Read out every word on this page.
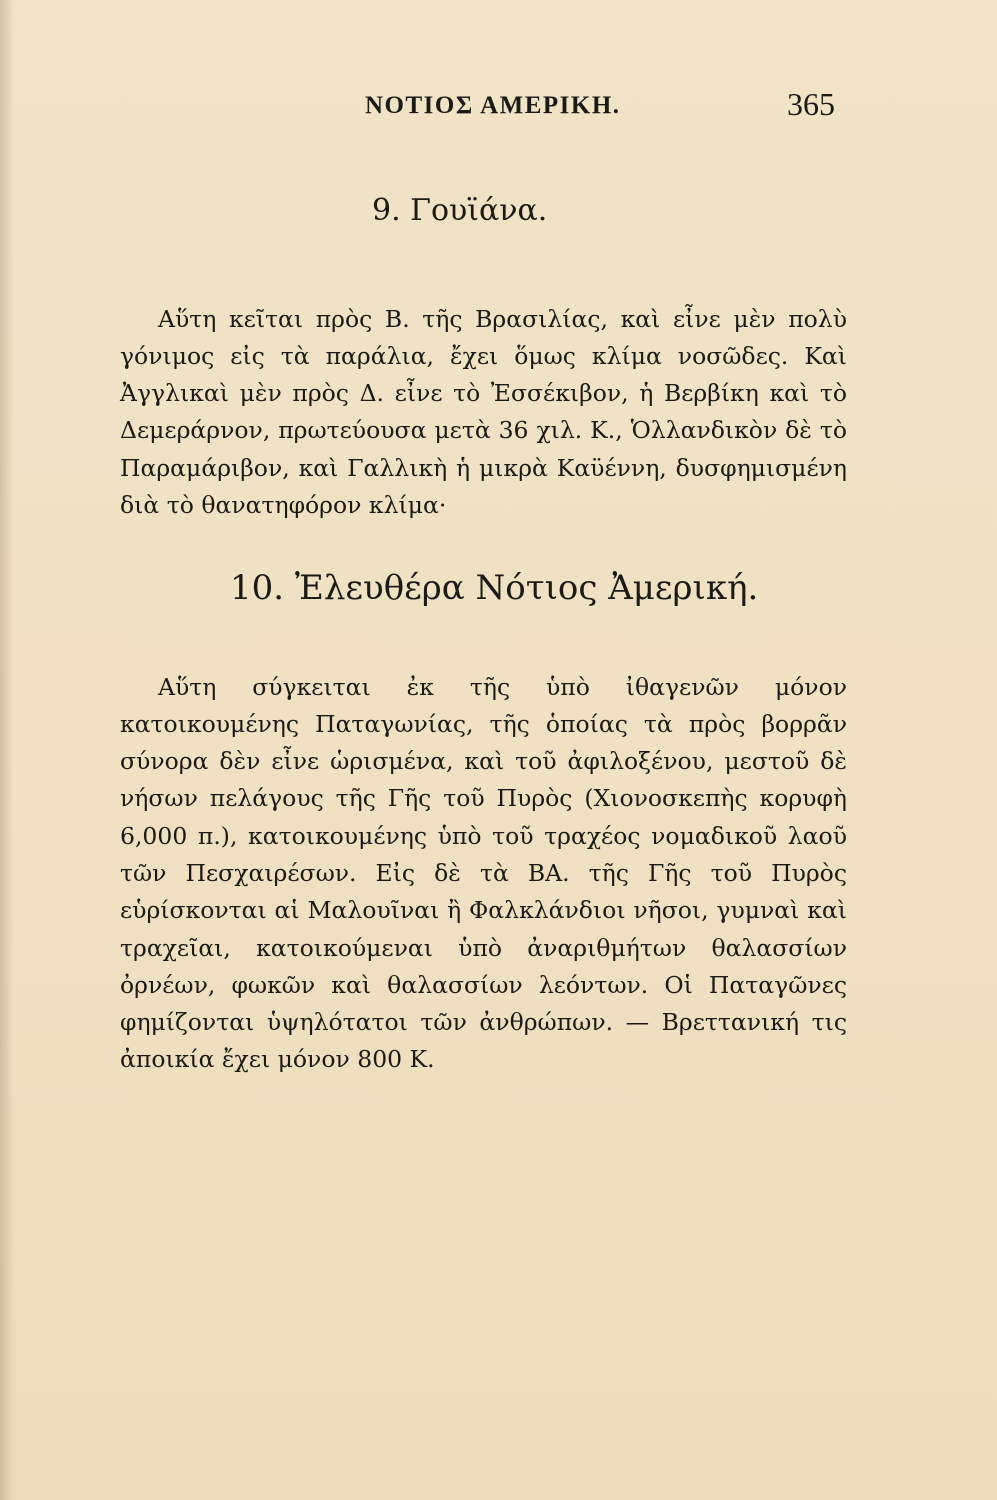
ΝΟΤΙΟΣ ΑΜΕΡΙΚΗ.	365
9. Γουϊάνα.

Αὕτη κεῖται πρὸς Β. τῆς Βρασιλίας, καὶ εἶνε μὲν πολὺ γόνιμος εἰς τὰ παράλια, ἔχει ὅμως κλίμα νοσῶδες. Καὶ Ἀγγλικαὶ μὲν πρὸς Δ. εἶνε τὸ Ἐσσέκιβον, ἡ Βερβίκη καὶ τὸ Δεμεράρνον, πρωτεύουσα μετὰ 36 χιλ. Κ., Ὁλλανδικὸν δὲ τὸ Παραμάριβον, καὶ Γαλλικὴ ἡ μικρὰ Καϋέννη, δυσφημισμένη διὰ τὸ θανατηφόρον κλίμα·

10. Ἐλευθέρα Νότιος Ἀμερική.

Αὕτη σύγκειται ἐκ τῆς ὑπὸ ἰθαγενῶν μόνον κατοικουμένης Παταγωνίας, τῆς ὁποίας τὰ πρὸς βορρᾶν σύνορα δὲν εἶνε ὡρισμένα, καὶ τοῦ ἀφιλοξένου, μεστοῦ δὲ νήσων πελάγους τῆς Γῆς τοῦ Πυρὸς (Χιονοσκεπὴς κορυφὴ 6,000 π.), κατοικουμένης ὑπὸ τοῦ τραχέος νομαδικοῦ λαοῦ τῶν Πεσχαιρέσων. Εἰς δὲ τὰ ΒΑ. τῆς Γῆς τοῦ Πυρὸς εὑρίσκονται αἱ Μαλουῖναι ἢ Φαλκλάνδιοι νῆσοι, γυμναὶ καὶ τραχεῖαι, κατοικούμεναι ὑπὸ ἀναριθμήτων θαλασσίων ὀρνέων, φωκῶν καὶ θαλασσίων λεόντων. Οἱ Παταγῶνες φημίζονται ὑψηλότατοι τῶν ἀνθρώπων. — Βρεττανική τις ἀποικία ἔχει μόνον 800 Κ.
